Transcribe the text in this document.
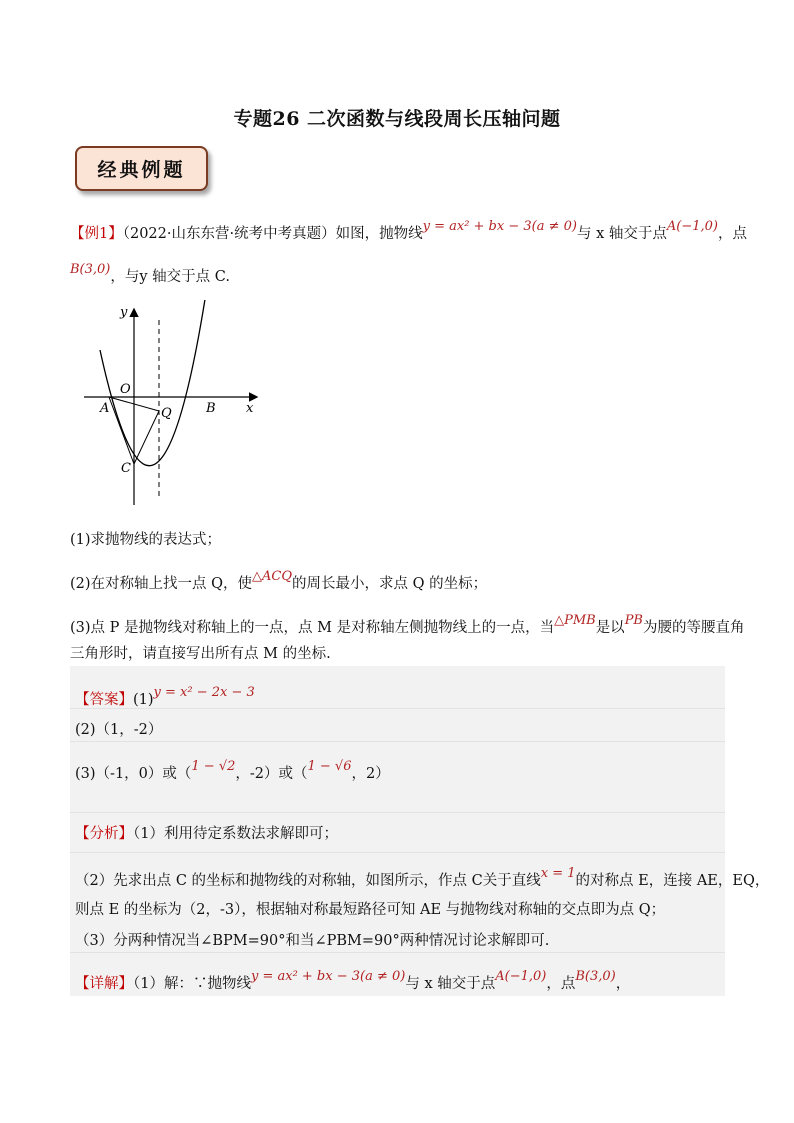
专题26 二次函数与线段周长压轴问题
经典例题
【例1】（2022·山东东营·统考中考真题）如图，抛物线y = ax² + bx − 3(a ≠ 0)与 x 轴交于点A(−1,0)，点
B(3,0)，与y 轴交于点 C.
y
x
O
A	B
Q
C
(1)求抛物线的表达式；
(2)在对称轴上找一点 Q，使△ACQ的周长最小，求点 Q 的坐标；
(3)点 P 是抛物线对称轴上的一点，点 M 是对称轴左侧抛物线上的一点，当△PMB是以PB为腰的等腰直角
三角形时，请直接写出所有点 M 的坐标.
【答案】(1)y = x² − 2x − 3
(2)（1，-2）
(3)（-1，0）或（1 − √2，-2）或（1 − √6，2）
【分析】（1）利用待定系数法求解即可；
（2）先求出点 C 的坐标和抛物线的对称轴，如图所示，作点 C关于直线x = 1的对称点 E，连接 AE，EQ，
则点 E 的坐标为（2，-3），根据轴对称最短路径可知 AE 与抛物线对称轴的交点即为点 Q；
（3）分两种情况当∠BPM=90°和当∠PBM=90°两种情况讨论求解即可.
【详解】（1）解：∵抛物线y = ax² + bx − 3(a ≠ 0)与 x 轴交于点A(−1,0)，点B(3,0)，
